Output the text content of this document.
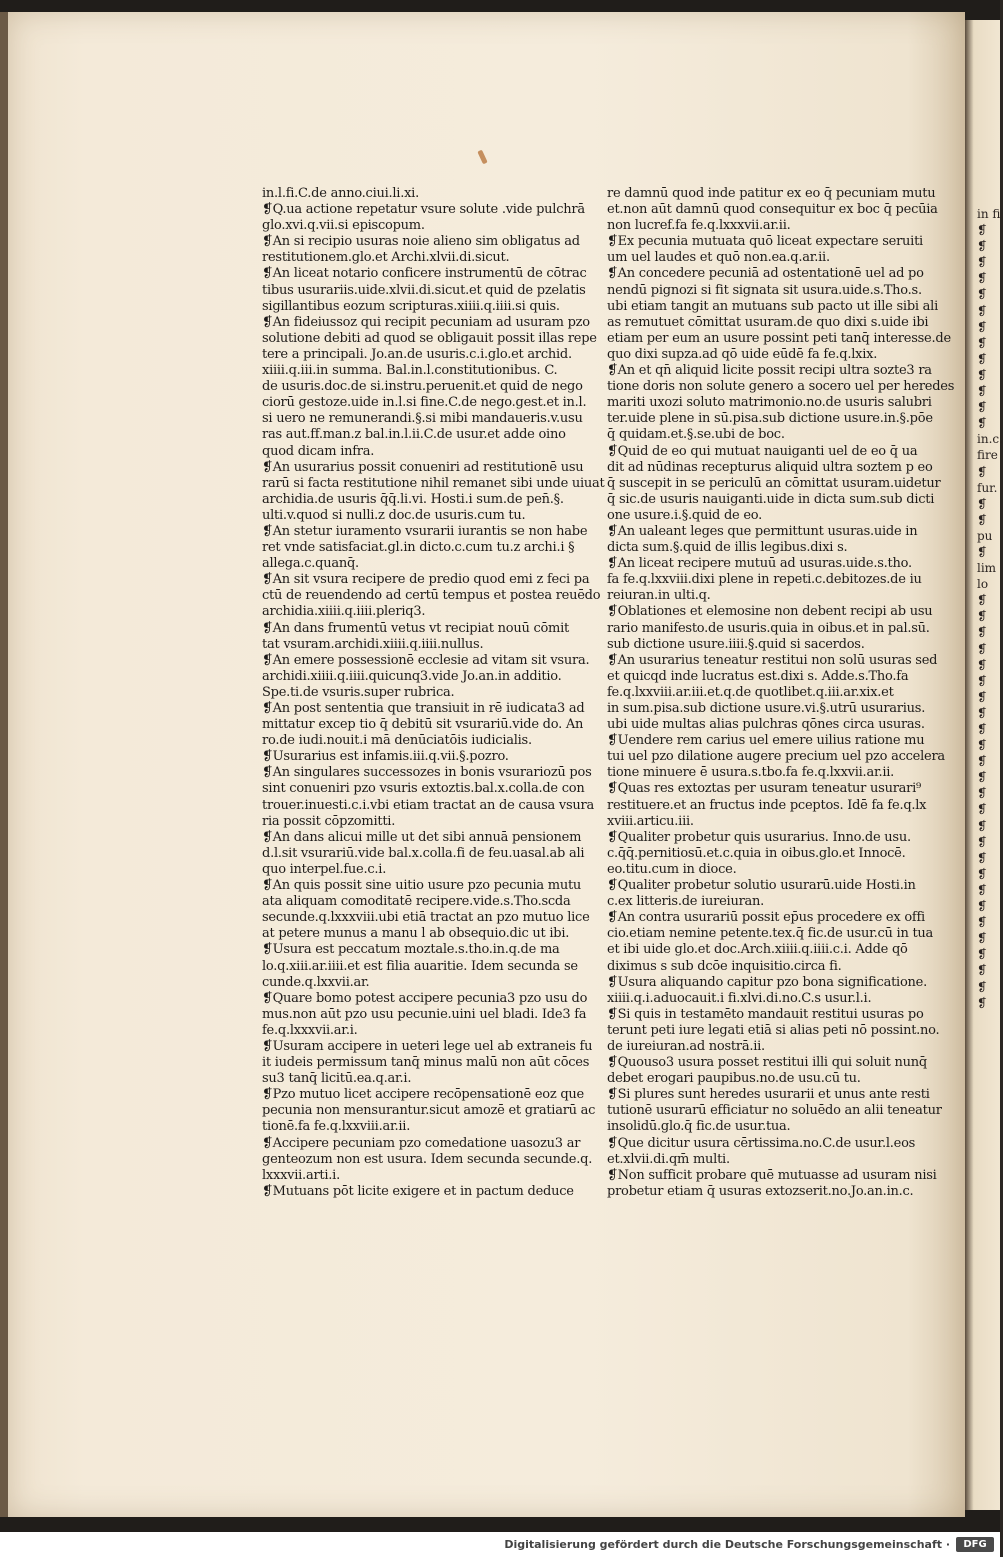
in.l.fi.C.de anno.ciui.li.xi.
❡Q.ua actione repetatur vsure solute .vide pulchrā
glo.xvi.q.vii.si episcopum.
❡An si recipio usuras noie alieno sim obligatus ad
restitutionem.glo.et Archi.xlvii.di.sicut.
❡An liceat notario conficere instrumentū de cōtrac
tibus usurariis.uide.xlvii.di.sicut.et quid de pzelatis
sigillantibus eozum scripturas.xiiii.q.iiii.si quis.
❡An fideiussoz qui recipit pecuniam ad usuram pzo
solutione debiti ad quod se obligauit possit illas repe
tere a principali. Jo.an.de usuris.c.i.glo.et archid.
xiiii.q.iii.in summa. Bal.in.l.constitutionibus. C.
de usuris.doc.de si.instru.peruenit.et quid de nego
ciorū gestoze.uide in.l.si fine.C.de nego.gest.et in.l.
si uero ne remunerandi.§.si mibi mandaueris.v.usu
ras aut.ff.man.z bal.in.l.ii.C.de usur.et adde oino
quod dicam infra.
❡An usurarius possit conueniri ad restitutionē usu
rarū si facta restitutione nihil remanet sibi unde uiuat
archidia.de usuris q̄q̄.li.vi. Hosti.i sum.de pen̄.§.
ulti.v.quod si nulli.z doc.de usuris.cum tu.
❡An stetur iuramento vsurarii iurantis se non habe
ret vnde satisfaciat.gl.in dicto.c.cum tu.z archi.i §
allega.c.quanq̄.
❡An sit vsura recipere de predio quod emi z feci pa
ctū de reuendendo ad certū tempus et postea reuēdo
archidia.xiiii.q.iiii.pleriq3.
❡An dans frumentū vetus vt recipiat nouū cōmit
tat vsuram.archidi.xiiii.q.iiii.nullus.
❡An emere possessionē ecclesie ad vitam sit vsura.
archidi.xiiii.q.iiii.quicunq3.vide Jo.an.in additio.
Spe.ti.de vsuris.super rubrica.
❡An post sententia que transiuit in rē iudicata3 ad
mittatur excep tio q̄ debitū sit vsurariū.vide do. An
ro.de iudi.nouit.i mā denūciatōis iudicialis.
❡Usurarius est infamis.iii.q.vii.§.pozro.
❡An singulares successozes in bonis vsurariozū pos
sint conueniri pzo vsuris extoztis.bal.x.colla.de con
trouer.inuesti.c.i.vbi etiam tractat an de causa vsura
ria possit cōpzomitti.
❡An dans alicui mille ut det sibi annuā pensionem
d.l.sit vsurariū.vide bal.x.colla.fi de feu.uasal.ab ali
quo interpel.fue.c.i.
❡An quis possit sine uitio usure pzo pecunia mutu
ata aliquam comoditatē recipere.vide.s.Tho.scda
secunde.q.lxxxviii.ubi etiā tractat an pzo mutuo lice
at petere munus a manu l ab obsequio.dic ut ibi.
❡Usura est peccatum moztale.s.tho.in.q.de ma
lo.q.xiii.ar.iiii.et est filia auaritie. Idem secunda se
cunde.q.lxxvii.ar.
❡Quare bomo potest accipere pecunia3 pzo usu do
mus.non aūt pzo usu pecunie.uini uel bladi. Ide3 fa
fe.q.lxxxvii.ar.i.
❡Usuram accipere in ueteri lege uel ab extraneis fu
it iudeis permissum tanq̄ minus malū non aūt cōces
su3 tanq̄ licitū.ea.q.ar.i.
❡Pzo mutuo licet accipere recōpensationē eoz que
pecunia non mensurantur.sicut amozē et gratiarū ac
tionē.fa fe.q.lxxviii.ar.ii.
❡Accipere pecuniam pzo comedatione uasozu3 ar
genteozum non est usura. Idem secunda secunde.q.
lxxxvii.arti.i.
❡Mutuans pōt licite exigere et in pactum deduce
re damnū quod inde patitur ex eo q̄ pecuniam mutu
et.non aūt damnū quod consequitur ex boc q̄ pecūia
non lucref.fa fe.q.lxxxvii.ar.ii.
❡Ex pecunia mutuata quō liceat expectare seruiti
um uel laudes et quō non.ea.q.ar.ii.
❡An concedere pecuniā ad ostentationē uel ad po
nendū pignozi si fit signata sit usura.uide.s.Tho.s.
ubi etiam tangit an mutuans sub pacto ut ille sibi ali
as remutuet cōmittat usuram.de quo dixi s.uide ibi
etiam per eum an usure possint peti tanq̄ interesse.de
quo dixi supza.ad qō uide eūdē fa fe.q.lxix.
❡An et qn̄ aliquid licite possit recipi ultra sozte3 ra
tione doris non solute genero a socero uel per heredes
mariti uxozi soluto matrimonio.no.de usuris salubri
ter.uide plene in sū.pisa.sub dictione usure.in.§.pōe
q̄ quidam.et.§.se.ubi de boc.
❡Quid de eo qui mutuat nauiganti uel de eo q̄ ua
dit ad nūdinas recepturus aliquid ultra soztem p eo
q̄ suscepit in se periculū an cōmittat usuram.uidetur
q̄ sic.de usuris nauiganti.uide in dicta sum.sub dicti
one usure.i.§.quid de eo.
❡An ualeant leges que permittunt usuras.uide in
dicta sum.§.quid de illis legibus.dixi s.
❡An liceat recipere mutuū ad usuras.uide.s.tho.
fa fe.q.lxxviii.dixi plene in repeti.c.debitozes.de iu
reiuran.in ulti.q.
❡Oblationes et elemosine non debent recipi ab usu
rario manifesto.de usuris.quia in oibus.et in pal.sū.
sub dictione usure.iiii.§.quid si sacerdos.
❡An usurarius teneatur restitui non solū usuras sed
et quicqd inde lucratus est.dixi s. Adde.s.Tho.fa
fe.q.lxxviii.ar.iii.et.q.de quotlibet.q.iii.ar.xix.et
in sum.pisa.sub dictione usure.vi.§.utrū usurarius.
ubi uide multas alias pulchras qōnes circa usuras.
❡Uendere rem carius uel emere uilius ratione mu
tui uel pzo dilatione augere precium uel pzo accelera
tione minuere ē usura.s.tbo.fa fe.q.lxxvii.ar.ii.
❡Quas res extoztas per usuram teneatur usurari⁹
restituere.et an fructus inde pceptos. Idē fa fe.q.lx
xviii.articu.iii.
❡Qualiter probetur quis usurarius. Inno.de usu.
c.q̄q̄.pernitiosū.et.c.quia in oibus.glo.et Innocē.
eo.titu.cum in dioce.
❡Qualiter probetur solutio usurarū.uide Hosti.in
c.ex litteris.de iureiuran.
❡An contra usurariū possit ep̄us procedere ex offi
cio.etiam nemine petente.tex.q̄ fic.de usur.cū in tua
et ibi uide glo.et doc.Arch.xiiii.q.iiii.c.i. Adde qō
diximus s sub dcōe inquisitio.circa fi.
❡Usura aliquando capitur pzo bona significatione.
xiiii.q.i.aduocauit.i fi.xlvi.di.no.C.s usur.l.i.
❡Si quis in testamēto mandauit restitui usuras po
terunt peti iure legati etiā si alias peti nō possint.no.
de iureiuran.ad nostrā.ii.
❡Quouso3 usura posset restitui illi qui soluit nunq̄
debet erogari paupibus.no.de usu.cū tu.
❡Si plures sunt heredes usurarii et unus ante resti
tutionē usurarū efficiatur no soluēdo an alii teneatur
insolidū.glo.q̄ fic.de usur.tua.
❡Que dicitur usura cērtissima.no.C.de usur.l.eos
et.xlvii.di.qm̄ multi.
❡Non sufficit probare quē mutuasse ad usuram nisi
probetur etiam q̄ usuras extozserit.no.Jo.an.in.c.
in fi
❡
❡
❡
❡
❡
❡
❡
❡
❡
❡
❡
❡
❡
in.c.
fire
❡
fur.
❡
❡
pu
❡
lim
lo
❡
❡
❡
❡
❡
❡
❡
❡
❡
❡
❡
❡
❡
❡
❡
❡
❡
❡
❡
❡
❡
❡
❡
❡
❡
❡
Digitalisierung gefördert durch die Deutsche Forschungsgemeinschaft ·	DFG
